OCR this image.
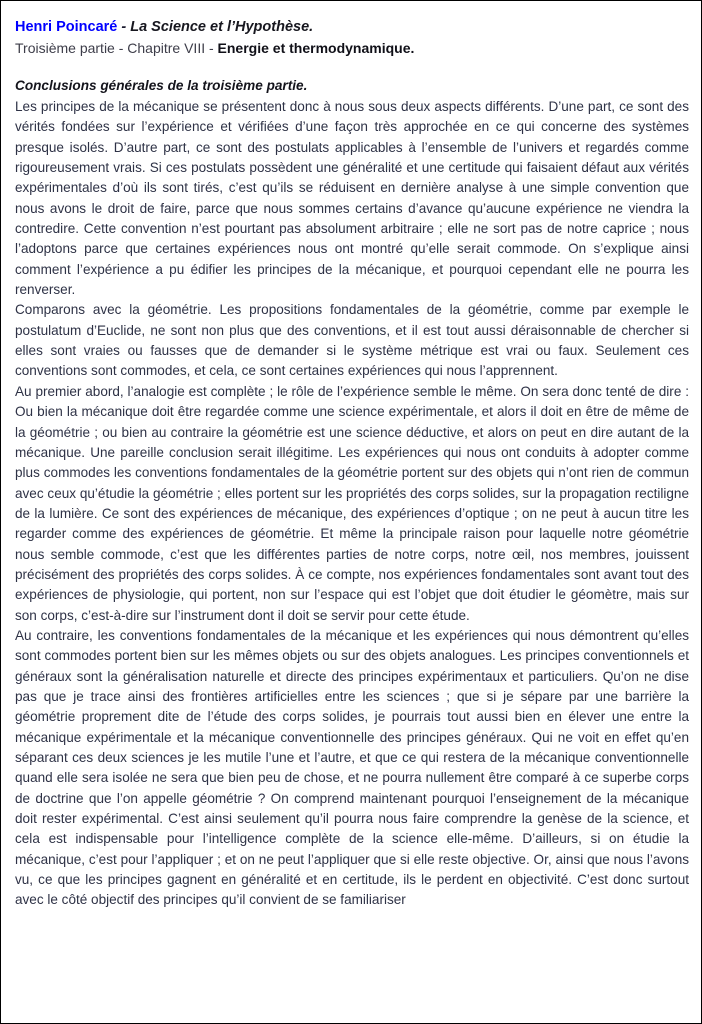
Henri Poincaré - La Science et l’Hypothèse.
Troisième partie - Chapitre VIII - Energie et thermodynamique.
Conclusions générales de la troisième partie.

Les principes de la mécanique se présentent donc à nous sous deux aspects différents. D’une part, ce sont des vérités fondées sur l’expérience et vérifiées d’une façon très approchée en ce qui concerne des systèmes presque isolés. D’autre part, ce sont des postulats applicables à l’ensemble de l’univers et regardés comme rigoureusement vrais. Si ces postulats possèdent une généralité et une certitude qui faisaient défaut aux vérités expérimentales d’où ils sont tirés, c’est qu’ils se réduisent en dernière analyse à une simple convention que nous avons le droit de faire, parce que nous sommes certains d’avance qu’aucune expérience ne viendra la contredire. Cette convention n’est pourtant pas absolument arbitraire ; elle ne sort pas de notre caprice ; nous l’adoptons parce que certaines expériences nous ont montré qu’elle serait commode. On s’explique ainsi comment l’expérience a pu édifier les principes de la mécanique, et pourquoi cependant elle ne pourra les renverser.

Comparons avec la géométrie. Les propositions fondamentales de la géométrie, comme par exemple le postulatum d’Euclide, ne sont non plus que des conventions, et il est tout aussi déraisonnable de chercher si elles sont vraies ou fausses que de demander si le système métrique est vrai ou faux. Seulement ces conventions sont commodes, et cela, ce sont certaines expériences qui nous l’apprennent.

Au premier abord, l’analogie est complète ; le rôle de l’expérience semble le même. On sera donc tenté de dire : Ou bien la mécanique doit être regardée comme une science expérimentale, et alors il doit en être de même de la géométrie ; ou bien au contraire la géométrie est une science déductive, et alors on peut en dire autant de la mécanique. Une pareille conclusion serait illégitime. Les expériences qui nous ont conduits à adopter comme plus commodes les conventions fondamentales de la géométrie portent sur des objets qui n’ont rien de commun avec ceux qu’étudie la géométrie ; elles portent sur les propriétés des corps solides, sur la propagation rectiligne de la lumière. Ce sont des expériences de mécanique, des expériences d’optique ; on ne peut à aucun titre les regarder comme des expériences de géométrie. Et même la principale raison pour laquelle notre géométrie nous semble commode, c’est que les différentes parties de notre corps, notre œil, nos membres, jouissent précisément des propriétés des corps solides. À ce compte, nos expériences fondamentales sont avant tout des expériences de physiologie, qui portent, non sur l’espace qui est l’objet que doit étudier le géomètre, mais sur son corps, c’est-à-dire sur l’instrument dont il doit se servir pour cette étude.

Au contraire, les conventions fondamentales de la mécanique et les expériences qui nous démontrent qu’elles sont commodes portent bien sur les mêmes objets ou sur des objets analogues. Les principes conventionnels et généraux sont la généralisation naturelle et directe des principes expérimentaux et particuliers. Qu’on ne dise pas que je trace ainsi des frontières artificielles entre les sciences ; que si je sépare par une barrière la géométrie proprement dite de l’étude des corps solides, je pourrais tout aussi bien en élever une entre la mécanique expérimentale et la mécanique conventionnelle des principes généraux. Qui ne voit en effet qu’en séparant ces deux sciences je les mutile l’une et l’autre, et que ce qui restera de la mécanique conventionnelle quand elle sera isolée ne sera que bien peu de chose, et ne pourra nullement être comparé à ce superbe corps de doctrine que l’on appelle géométrie ? On comprend maintenant pourquoi l’enseignement de la mécanique doit rester expérimental. C’est ainsi seulement qu’il pourra nous faire comprendre la genèse de la science, et cela est indispensable pour l’intelligence complète de la science elle-même. D’ailleurs, si on étudie la mécanique, c’est pour l’appliquer ; et on ne peut l’appliquer que si elle reste objective. Or, ainsi que nous l’avons vu, ce que les principes gagnent en généralité et en certitude, ils le perdent en objectivité. C’est donc surtout avec le côté objectif des principes qu’il convient de se familiariser
